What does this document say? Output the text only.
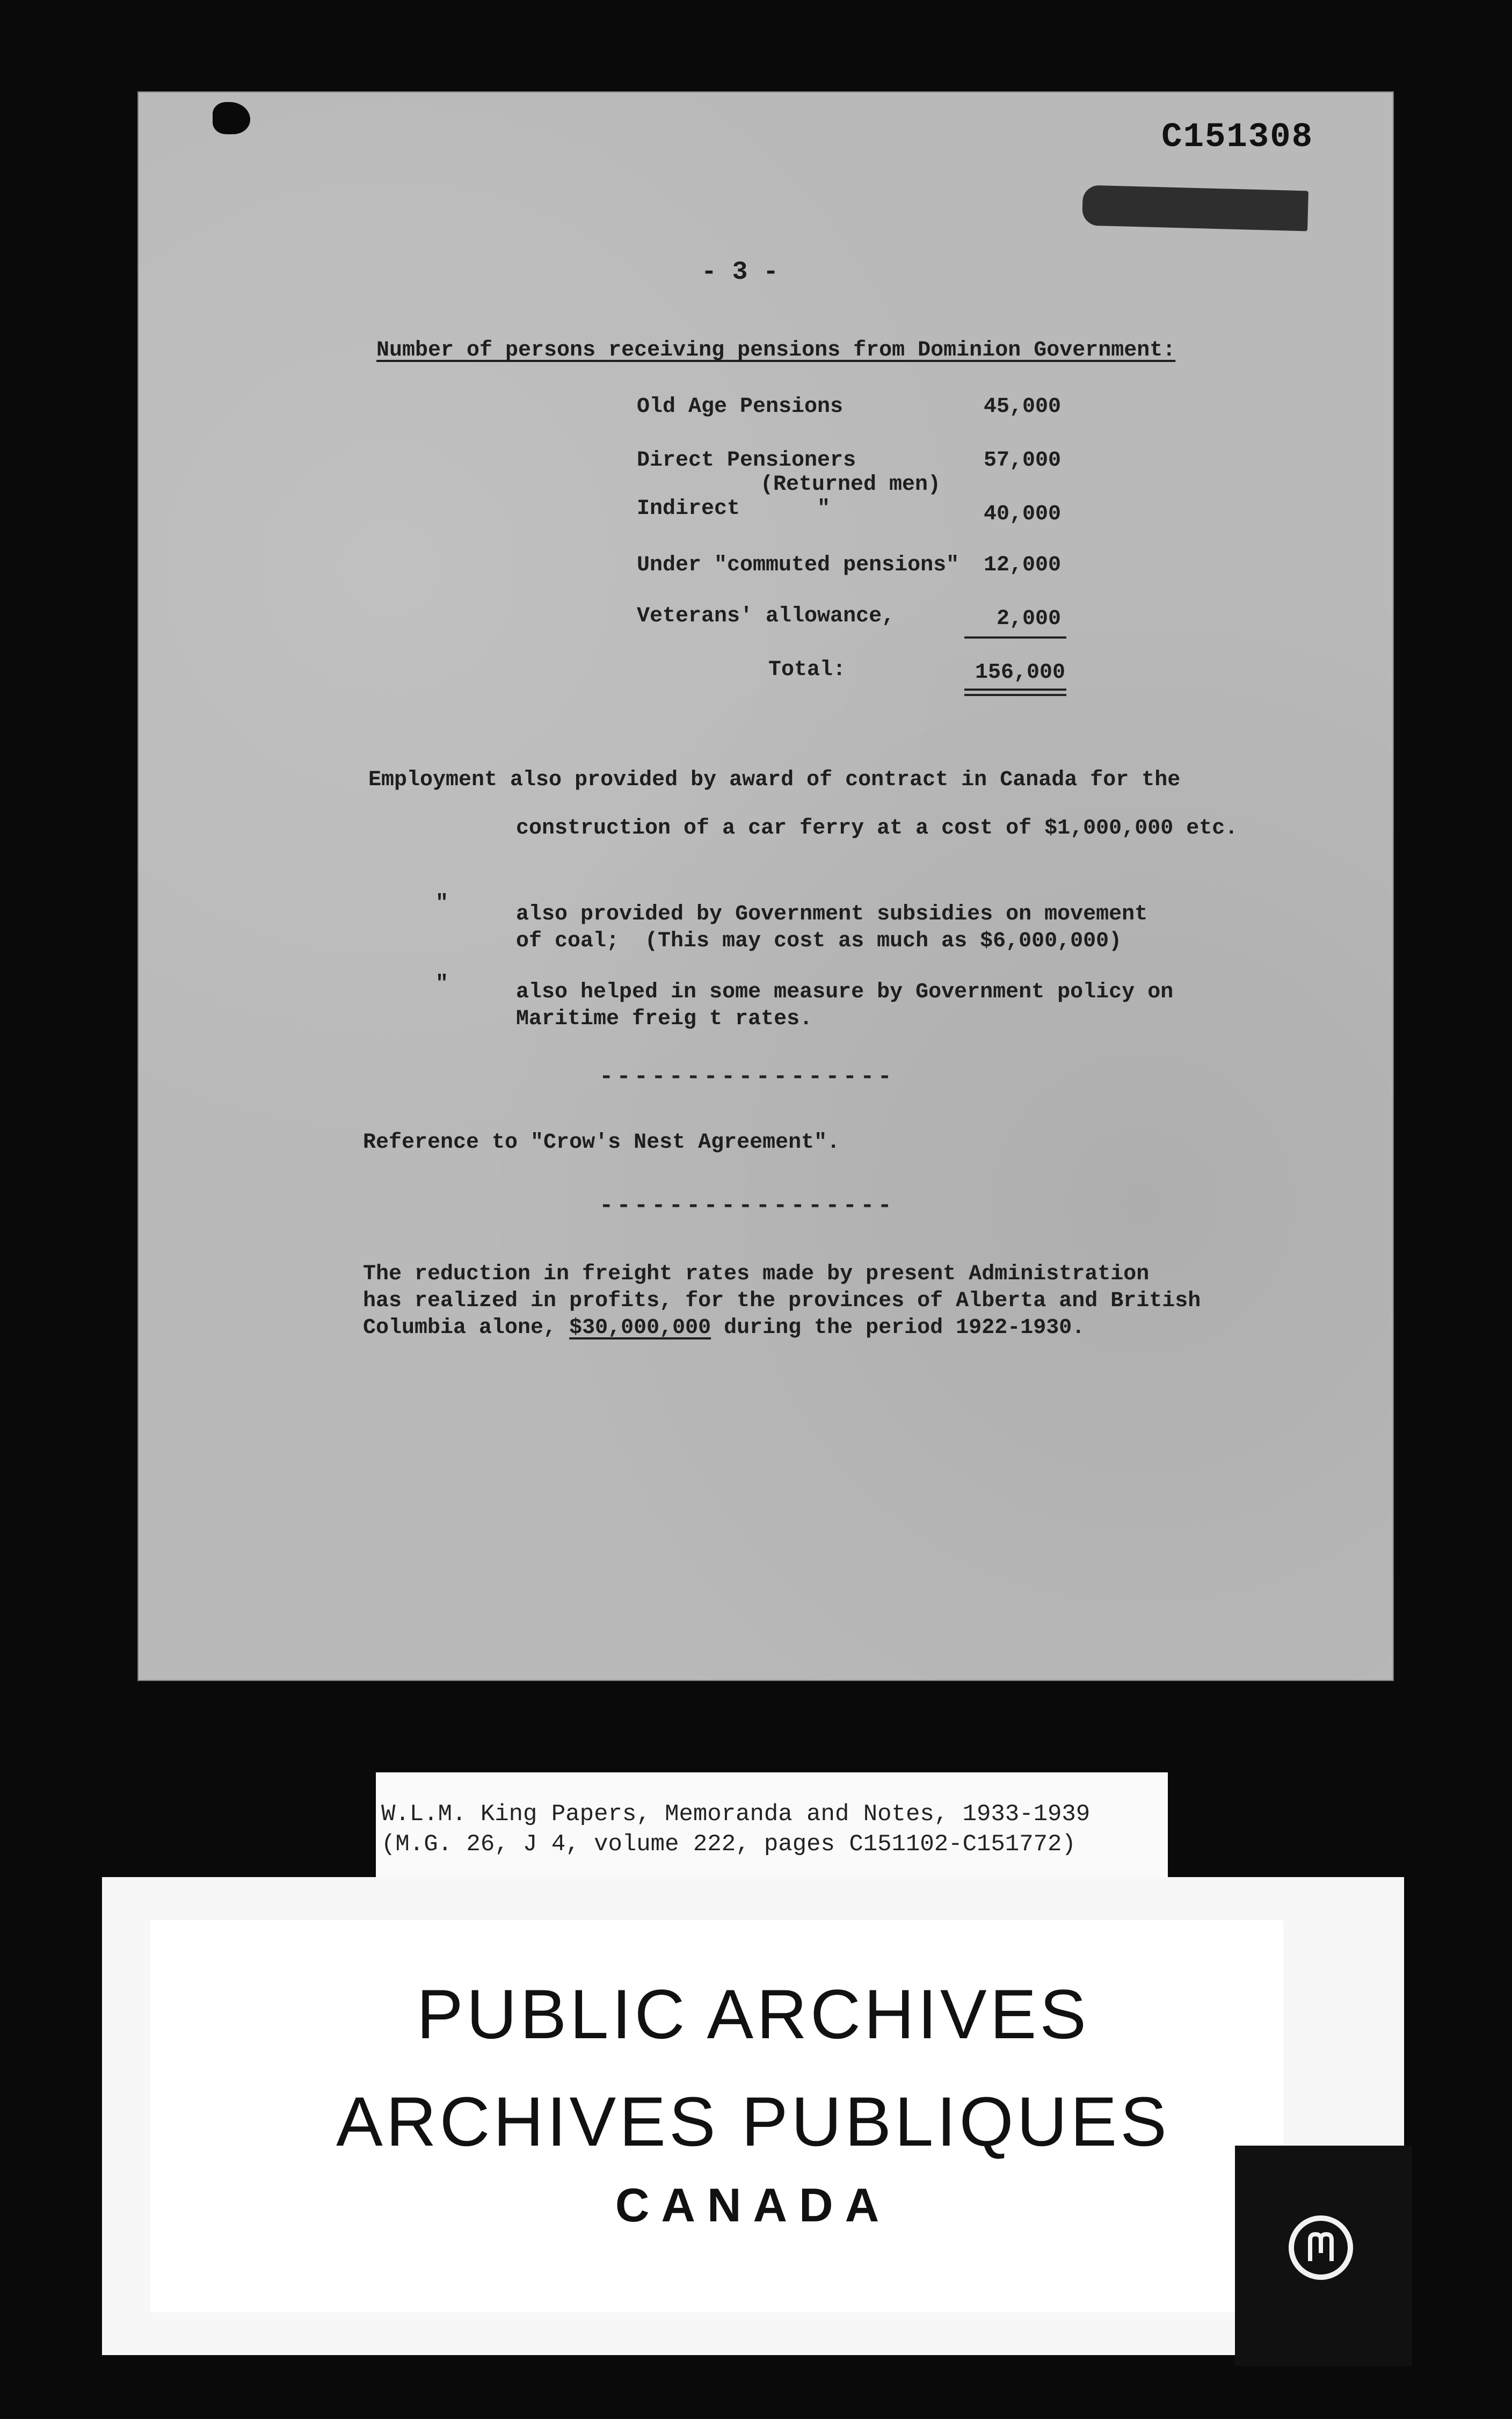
C151308
- 3 -
Number of persons receiving pensions from Dominion Government:
Old Age Pensions	45,000
Direct Pensioners	57,000
(Returned men)
Indirect      "	40,000
Under "commuted pensions"	12,000
Veterans' allowance,	2,000
Total:	156,000
Employment also provided by award of contract in Canada for the
construction of a car ferry at a cost of $1,000,000 etc.
"	also provided by Government subsidies on movement
of coal;  (This may cost as much as $6,000,000)
"	also helped in some measure by Government policy on
Maritime freig t rates.
-----------------
Reference to "Crow's Nest Agreement".
-----------------
The reduction in freight rates made by present Administration
has realized in profits, for the provinces of Alberta and British
Columbia alone, $30,000,000 during the period 1922-1930.
W.L.M. King Papers, Memoranda and Notes, 1933-1939
(M.G. 26, J 4, volume 222, pages C151102-C151772)
PUBLIC ARCHIVES
ARCHIVES PUBLIQUES
CANADA
